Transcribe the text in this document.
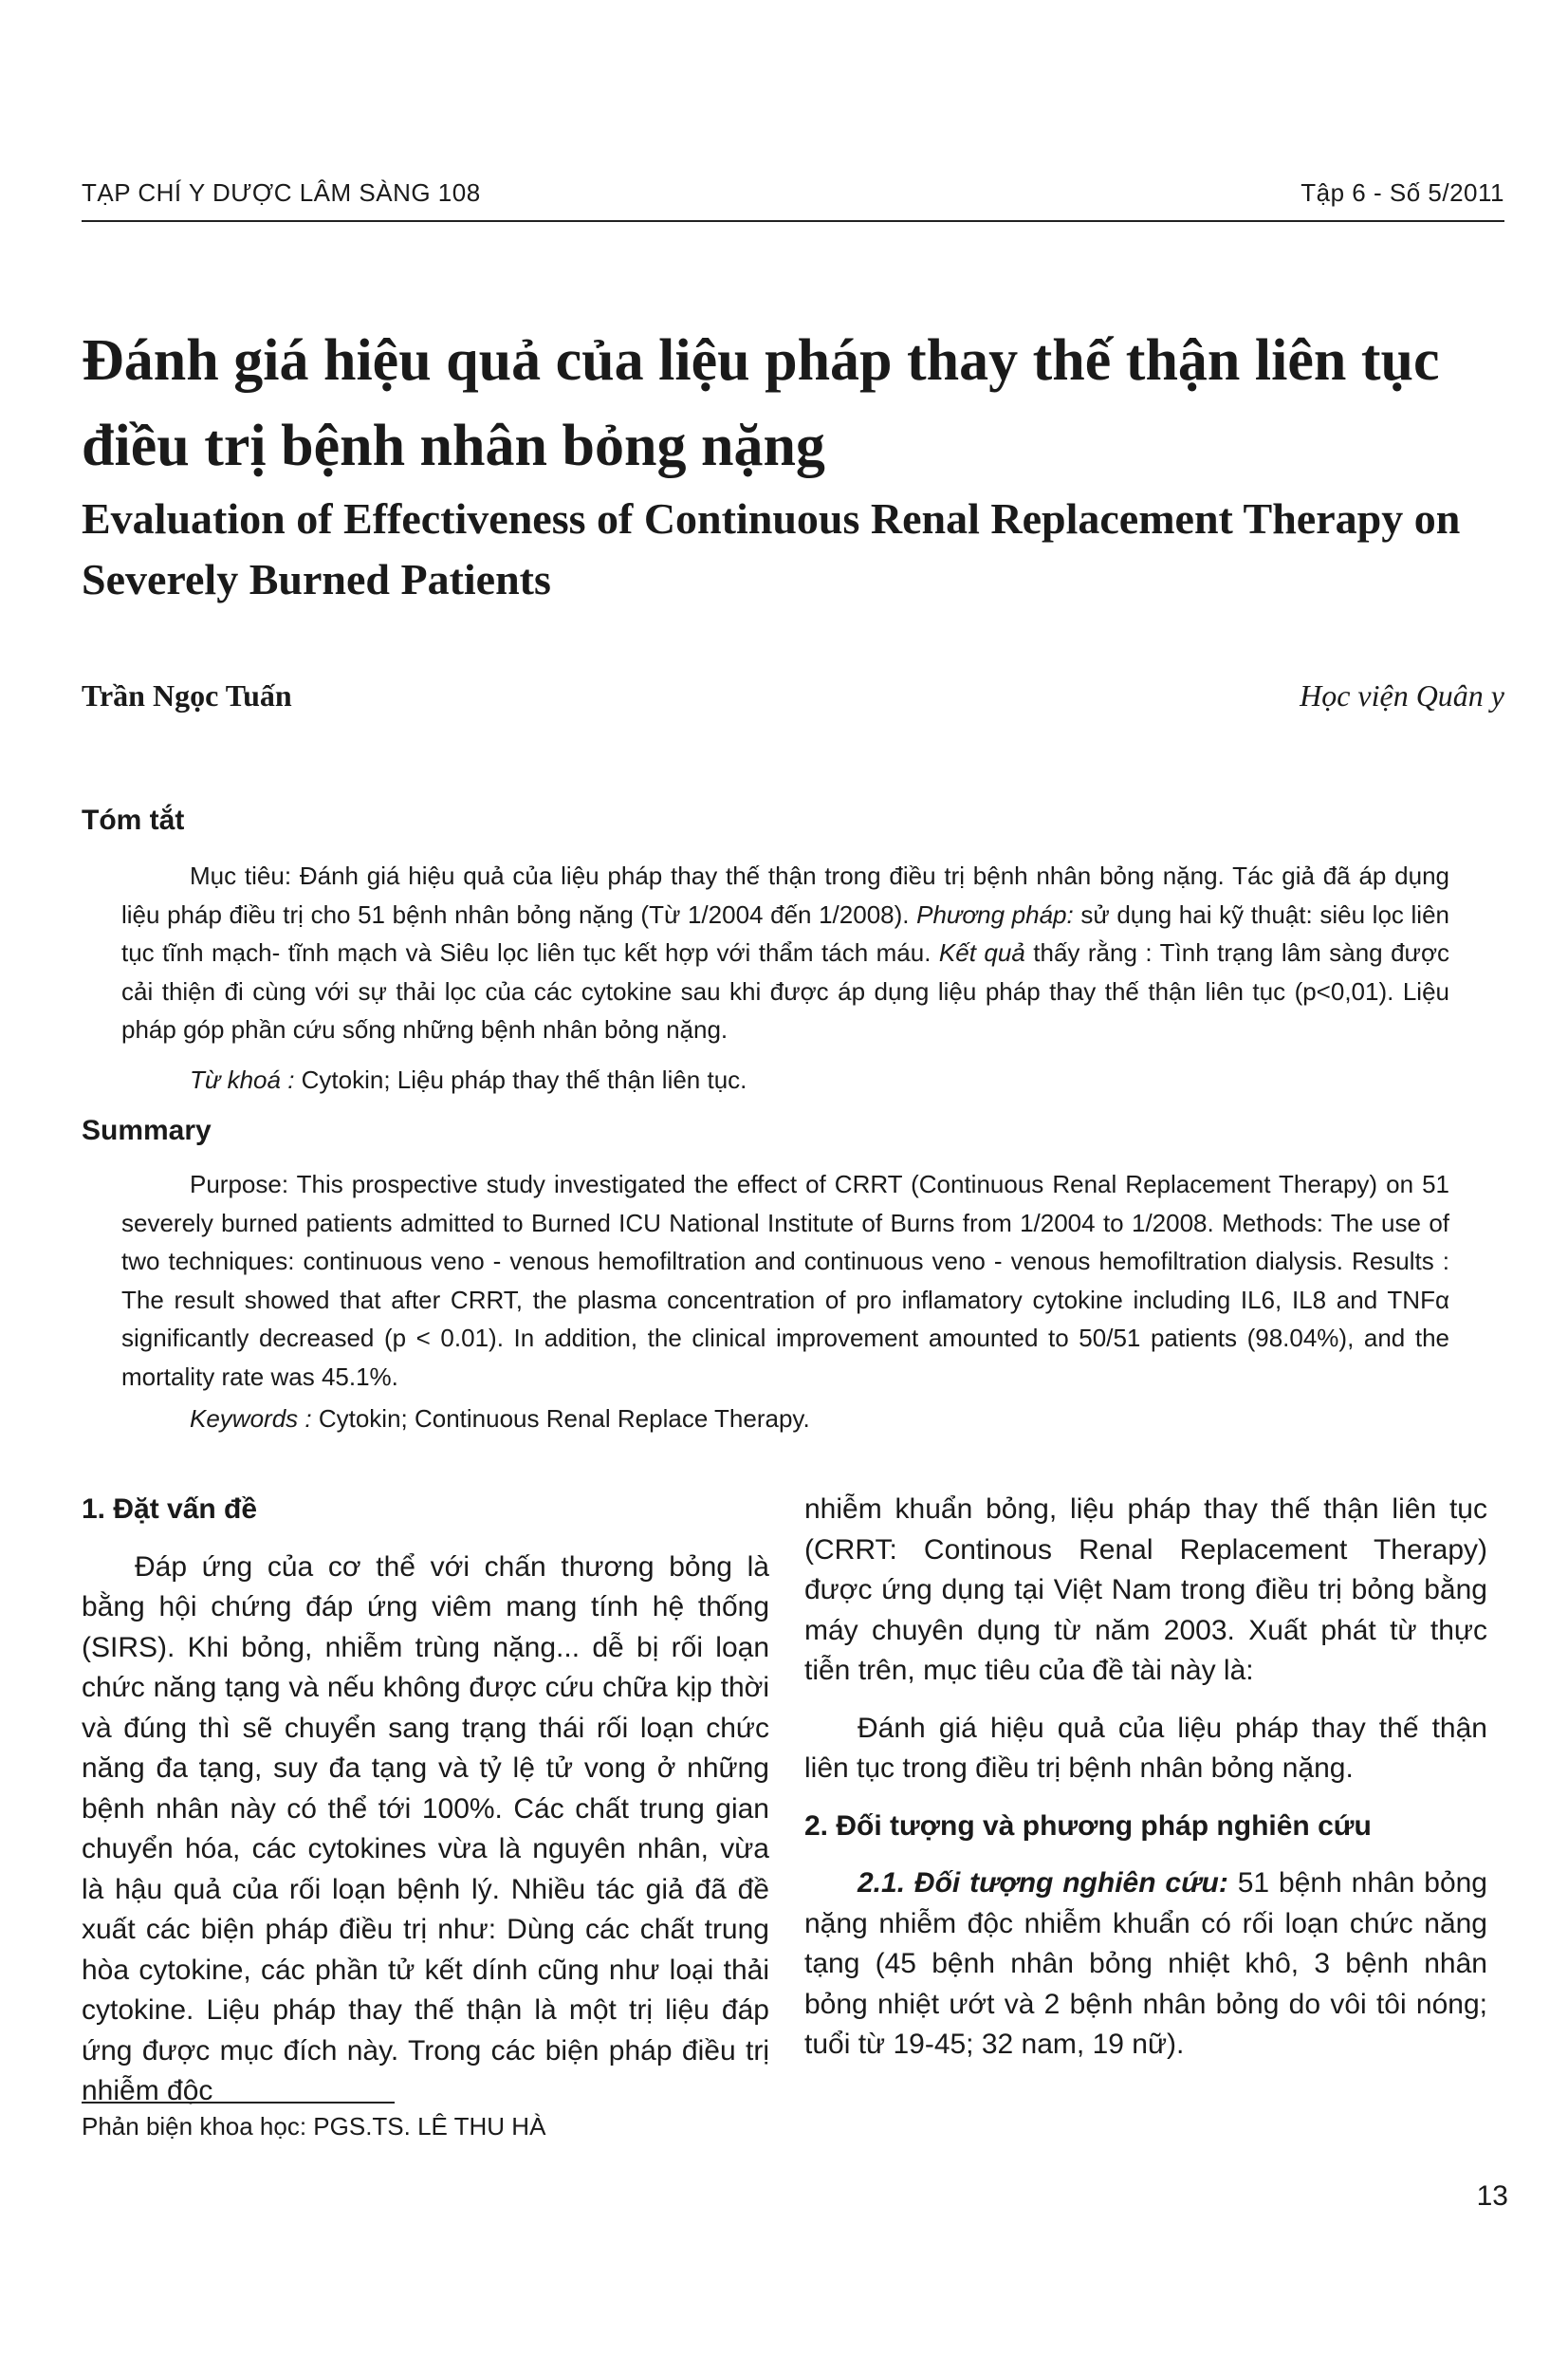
TẠP CHÍ Y DƯỢC LÂM SÀNG 108	Tập 6 - Số 5/2011
Đánh giá hiệu quả của liệu pháp thay thế thận liên tục điều trị bệnh nhân bỏng nặng
Evaluation of Effectiveness of Continuous Renal Replacement Therapy on Severely Burned Patients
Trần Ngọc Tuấn	Học viện Quân y
Tóm tắt
Mục tiêu: Đánh giá hiệu quả của liệu pháp thay thế thận trong điều trị bệnh nhân bỏng nặng. Tác giả đã áp dụng liệu pháp điều trị cho 51 bệnh nhân bỏng nặng (Từ 1/2004 đến 1/2008). Phương pháp: sử dụng hai kỹ thuật: siêu lọc liên tục tĩnh mạch- tĩnh mạch và Siêu lọc liên tục kết hợp với thẩm tách máu. Kết quả thấy rằng : Tình trạng lâm sàng được cải thiện đi cùng với sự thải lọc của các cytokine sau khi được áp dụng liệu pháp thay thế thận liên tục (p<0,01). Liệu pháp góp phần cứu sống những bệnh nhân bỏng nặng.
Từ khoá : Cytokin; Liệu pháp thay thế thận liên tục.
Summary
Purpose: This prospective study investigated the effect of CRRT (Continuous Renal Replacement Therapy) on 51 severely burned patients admitted to Burned ICU National Institute of Burns from 1/2004 to 1/2008. Methods: The use of two techniques: continuous veno - venous hemofiltration and continuous veno - venous hemofiltration dialysis. Results : The result showed that after CRRT, the plasma concentration of pro inflamatory cytokine including IL6, IL8 and TNFα significantly decreased (p < 0.01). In addition, the clinical improvement amounted to 50/51 patients (98.04%), and the mortality rate was 45.1%.
Keywords : Cytokin; Continuous Renal Replace Therapy.

1. Đặt vấn đề

Đáp ứng của cơ thể với chấn thương bỏng là bằng hội chứng đáp ứng viêm mang tính hệ thống (SIRS). Khi bỏng, nhiễm trùng nặng... dễ bị rối loạn chức năng tạng và nếu không được cứu chữa kịp thời và đúng thì sẽ chuyển sang trạng thái rối loạn chức năng đa tạng, suy đa tạng và tỷ lệ tử vong ở những bệnh nhân này có thể tới 100%. Các chất trung gian chuyển hóa, các cytokines vừa là nguyên nhân, vừa là hậu quả của rối loạn bệnh lý. Nhiều tác giả đã đề xuất các biện pháp điều trị như: Dùng các chất trung hòa cytokine, các phần tử kết dính cũng như loại thải cytokine. Liệu pháp thay thế thận là một trị liệu đáp ứng được mục đích này. Trong các biện pháp điều trị nhiễm độc

nhiễm khuẩn bỏng, liệu pháp thay thế thận liên tục (CRRT: Continous Renal Replacement Therapy) được ứng dụng tại Việt Nam trong điều trị bỏng bằng máy chuyên dụng từ năm 2003. Xuất phát từ thực tiễn trên, mục tiêu của đề tài này là:

Đánh giá hiệu quả của liệu pháp thay thế thận liên tục trong điều trị bệnh nhân bỏng nặng.

2. Đối tượng và phương pháp nghiên cứu

2.1. Đối tượng nghiên cứu: 51 bệnh nhân bỏng nặng nhiễm độc nhiễm khuẩn có rối loạn chức năng tạng (45 bệnh nhân bỏng nhiệt khô, 3 bệnh nhân bỏng nhiệt ướt và 2 bệnh nhân bỏng do vôi tôi nóng; tuổi từ 19-45; 32 nam, 19 nữ).

Phản biện khoa học: PGS.TS. LÊ THU HÀ
13
